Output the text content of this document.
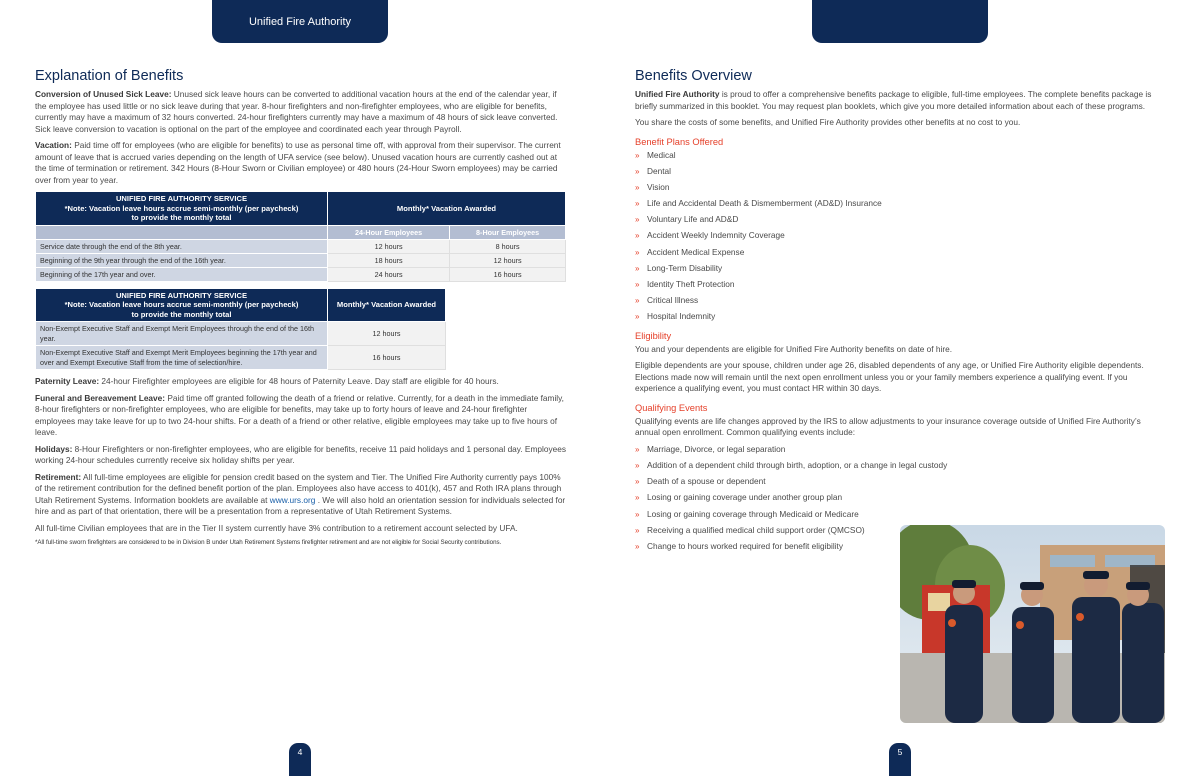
Unified Fire Authority
Explanation of Benefits

Conversion of Unused Sick Leave: Unused sick leave hours can be converted to additional vacation hours at the end of the calendar year, if the employee has used little or no sick leave during that year. 8-hour firefighters and non-firefighter employees, who are eligible for benefits, currently may have a maximum of 32 hours converted. 24-hour firefighters currently may have a maximum of 48 hours of sick leave converted. Sick leave conversion to vacation is optional on the part of the employee and coordinated each year through Payroll.

Vacation: Paid time off for employees (who are eligible for benefits) to use as personal time off, with approval from their supervisor. The current amount of leave that is accrued varies depending on the length of UFA service (see below). Unused vacation hours are currently cashed out at the time of termination or retirement. 342 Hours (8-Hour Sworn or Civilian employee) or 480 hours (24-Hour Sworn employees) may be carried over from year to year.

UNIFIED FIRE AUTHORITY SERVICE
*Note: Vacation leave hours accrue semi-monthly (per paycheck)
to provide the monthly total	Monthly* Vacation Awarded	
	24-Hour Employees	8-Hour Employees
Service date through the end of the 8th year.	12 hours	8 hours
Beginning of the 9th year through the end of the 16th year.	18 hours	12 hours
Beginning of the 17th year and over.	24 hours	16 hours
UNIFIED FIRE AUTHORITY SERVICE
*Note: Vacation leave hours accrue semi-monthly (per paycheck)
to provide the monthly total	Monthly* Vacation Awarded
Non-Exempt Executive Staff and Exempt Merit Employees through the end of the 16th year.	12 hours
Non-Exempt Executive Staff and Exempt Merit Employees beginning the 17th year and over and Exempt Executive Staff from the time of selection/hire.	16 hours

Paternity Leave: 24-hour Firefighter employees are eligible for 48 hours of Paternity Leave. Day staff are eligible for 40 hours.

Funeral and Bereavement Leave: Paid time off granted following the death of a friend or relative. Currently, for a death in the immediate family, 8-hour firefighters or non-firefighter employees, who are eligible for benefits, may take up to forty hours of leave and 24-hour firefighter employees may take leave for up to two 24-hour shifts. For a death of a friend or other relative, eligible employees may take up to five hours of leave.

Holidays: 8-Hour Firefighters or non-firefighter employees, who are eligible for benefits, receive 11 paid holidays and 1 personal day. Employees working 24-hour schedules currently receive six holiday shifts per year.

Retirement: All full-time employees are eligible for pension credit based on the system and Tier. The Unified Fire Authority currently pays 100% of the retirement contribution for the defined benefit portion of the plan. Employees also have access to 401(k), 457 and Roth IRA plans through Utah Retirement Systems. Information booklets are available at www.urs.org . We will also hold an orientation session for individuals selected for hire and as part of that orientation, there will be a presentation from a representative of Utah Retirement Systems.

All full-time Civilian employees that are in the Tier II system currently have 3% contribution to a retirement account selected by UFA.

*All full-time sworn firefighters are considered to be in Division B under Utah Retirement Systems firefighter retirement and are not eligible for Social Security contributions.

Benefits Overview

Unified Fire Authority is proud to offer a comprehensive benefits package to eligible, full-time employees. The complete benefits package is briefly summarized in this booklet. You may request plan booklets, which give you more detailed information about each of these programs.

You share the costs of some benefits, and Unified Fire Authority provides other benefits at no cost to you.

Benefit Plans Offered
» Medical
» Dental
» Vision
» Life and Accidental Death & Dismemberment (AD&D) Insurance
» Voluntary Life and AD&D
» Accident Weekly Indemnity Coverage
» Accident Medical Expense
» Long-Term Disability
» Identity Theft Protection
» Critical Illness
» Hospital Indemnity
Eligibility

You and your dependents are eligible for Unified Fire Authority benefits on date of hire.

Eligible dependents are your spouse, children under age 26, disabled dependents of any age, or Unified Fire Authority eligible dependents. Elections made now will remain until the next open enrollment unless you or your family members experience a qualifying event. If you experience a qualifying event, you must contact HR within 30 days.

Qualifying Events

Qualifying events are life changes approved by the IRS to allow adjustments to your insurance coverage outside of Unified Fire Authority’s annual open enrollment. Common qualifying events include:

» Marriage, Divorce, or legal separation
» Addition of a dependent child through birth, adoption, or a change in legal custody
» Death of a spouse or dependent
» Losing or gaining coverage under another group plan
» Losing or gaining coverage through Medicaid or Medicare
» Receiving a qualified medical child support order (QMCSO)
» Change to hours worked required for benefit eligibility
4	5
